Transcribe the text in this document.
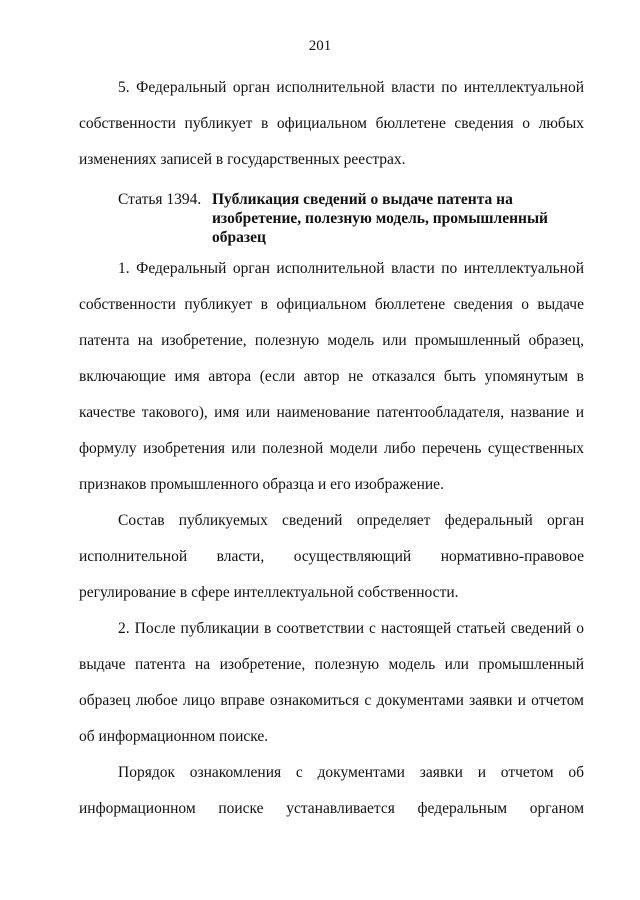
201

5. Федеральный орган исполнительной власти по интеллектуальной собственности публикует в официальном бюллетене сведения о любых изменениях записей в государственных реестрах.

Статья 1394. Публикация сведений о выдаче патента на изобретение, полезную модель, промышленный образец

1. Федеральный орган исполнительной власти по интеллектуальной собственности публикует в официальном бюллетене сведения о выдаче патента на изобретение, полезную модель или промышленный образец, включающие имя автора (если автор не отказался быть упомянутым в качестве такового), имя или наименование патентообладателя, название и формулу изобретения или полезной модели либо перечень существенных признаков промышленного образца и его изображение.

Состав публикуемых сведений определяет федеральный орган исполнительной власти, осуществляющий нормативно-правовое регулирование в сфере интеллектуальной собственности.

2. После публикации в соответствии с настоящей статьей сведений о выдаче патента на изобретение, полезную модель или промышленный образец любое лицо вправе ознакомиться с документами заявки и отчетом об информационном поиске.

Порядок ознакомления с документами заявки и отчетом об информационном поиске устанавливается федеральным органом
